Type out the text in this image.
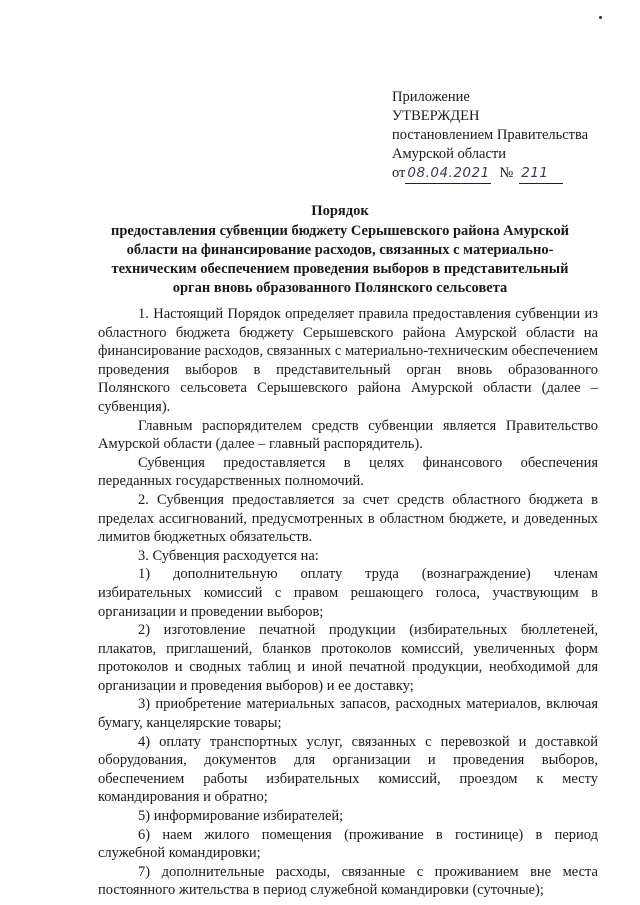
Приложение
УТВЕРЖДЕН
постановлением Правительства
Амурской области
от 08.04.2021 № 211
Порядок
предоставления субвенции бюджету Серышевского района Амурской области на финансирование расходов, связанных с материально-техническим обеспечением проведения выборов в представительный орган вновь образованного Полянского сельсовета

1. Настоящий Порядок определяет правила предоставления субвенции из областного бюджета бюджету Серышевского района Амурской области на финансирование расходов, связанных с материально-техническим обеспечением проведения выборов в представительный орган вновь образованного Полянского сельсовета Серышевского района Амурской области (далее – субвенция).

Главным распорядителем средств субвенции является Правительство Амурской области (далее – главный распорядитель).

Субвенция предоставляется в целях финансового обеспечения переданных государственных полномочий.

2. Субвенция предоставляется за счет средств областного бюджета в пределах ассигнований, предусмотренных в областном бюджете, и доведенных лимитов бюджетных обязательств.

3. Субвенция расходуется на:

1) дополнительную оплату труда (вознаграждение) членам избирательных комиссий с правом решающего голоса, участвующим в организации и проведении выборов;

2) изготовление печатной продукции (избирательных бюллетеней, плакатов, приглашений, бланков протоколов комиссий, увеличенных форм протоколов и сводных таблиц и иной печатной продукции, необходимой для организации и проведения выборов) и ее доставку;

3) приобретение материальных запасов, расходных материалов, включая бумагу, канцелярские товары;

4) оплату транспортных услуг, связанных с перевозкой и доставкой оборудования, документов для организации и проведения выборов, обеспечением работы избирательных комиссий, проездом к месту командирования и обратно;

5) информирование избирателей;

6) наем жилого помещения (проживание в гостинице) в период служебной командировки;

7) дополнительные расходы, связанные с проживанием вне места постоянного жительства в период служебной командировки (суточные);
